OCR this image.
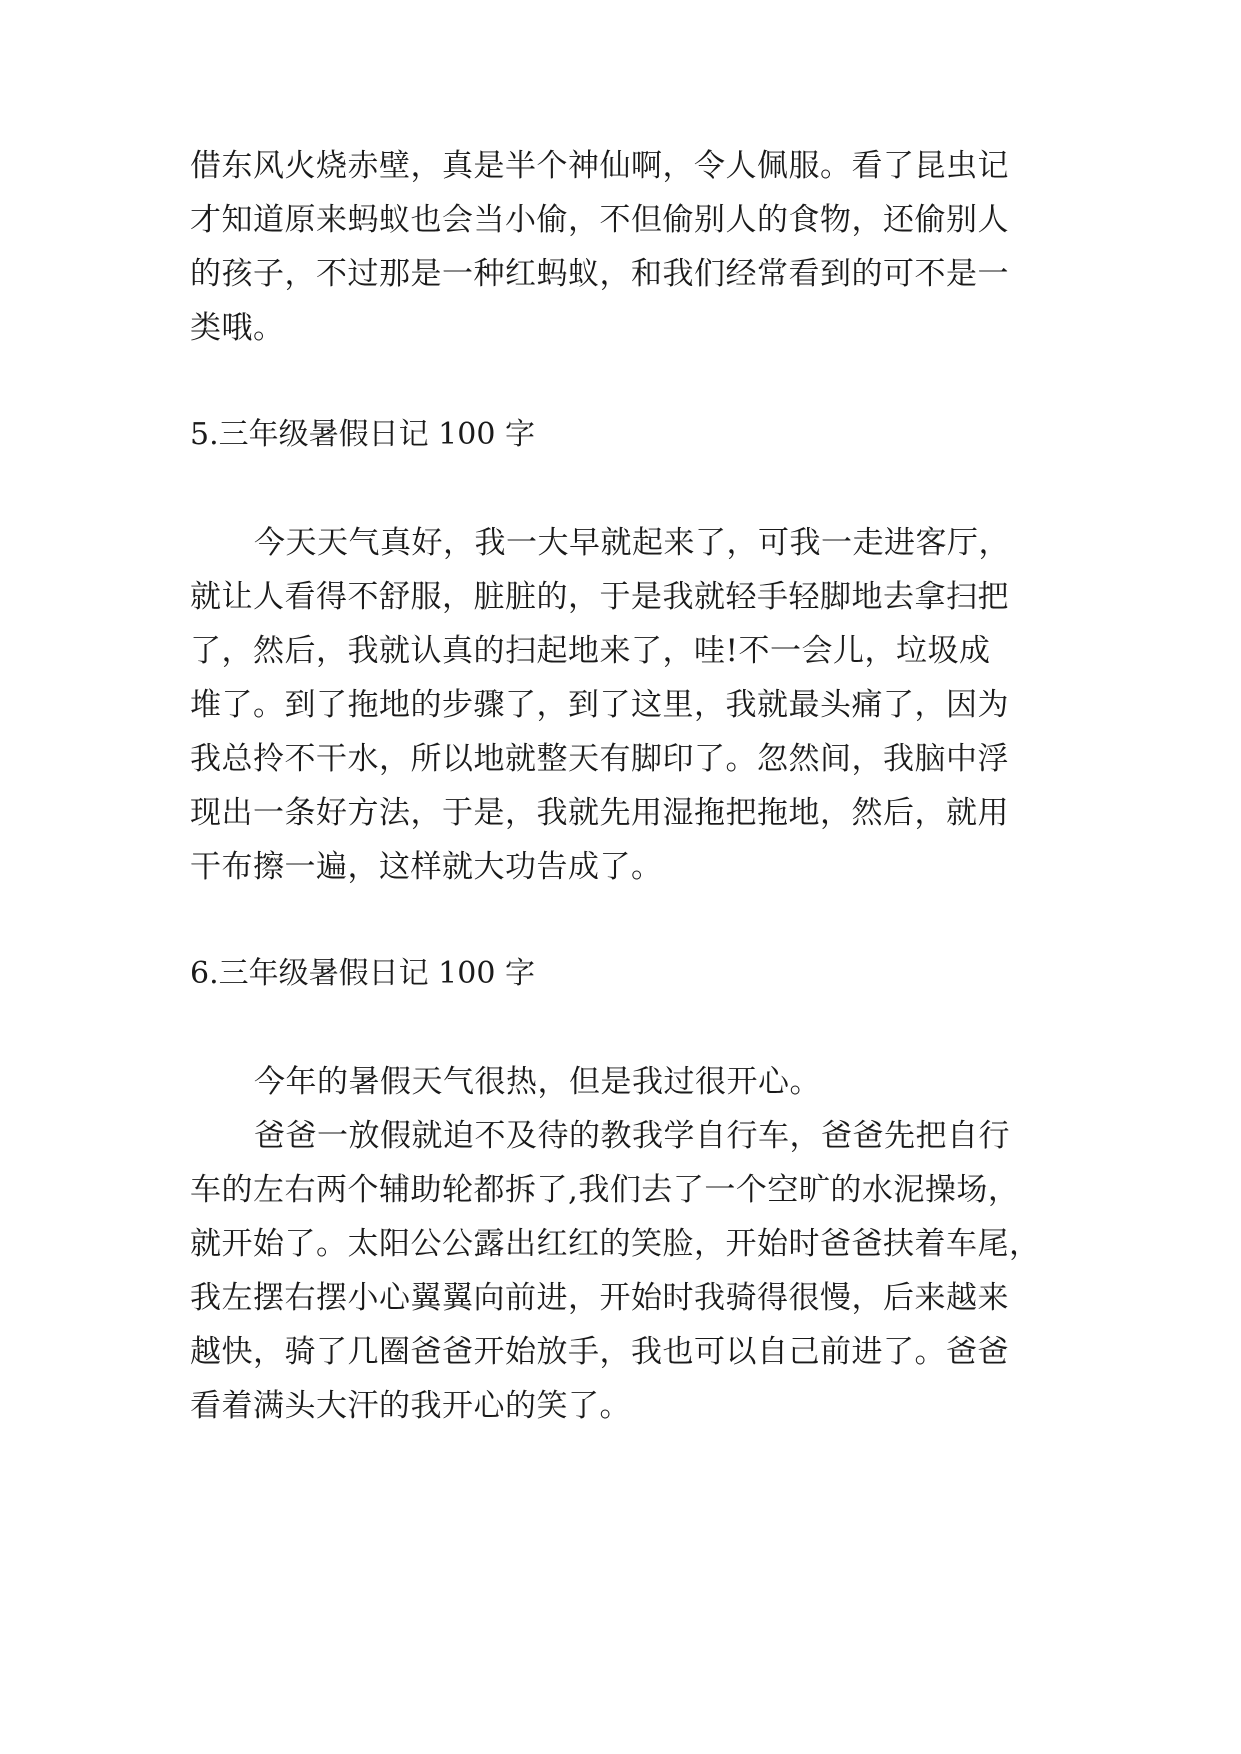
借东风火烧赤壁，真是半个神仙啊，令人佩服。看了昆虫记
才知道原来蚂蚁也会当小偷，不但偷别人的食物，还偷别人
的孩子，不过那是一种红蚂蚁，和我们经常看到的可不是一
类哦。
5.三年级暑假日记 100 字
今天天气真好，我一大早就起来了，可我一走进客厅，
就让人看得不舒服，脏脏的，于是我就轻手轻脚地去拿扫把
了，然后，我就认真的扫起地来了，哇!不一会儿，垃圾成
堆了。到了拖地的步骤了，到了这里，我就最头痛了，因为
我总拎不干水，所以地就整天有脚印了。忽然间，我脑中浮
现出一条好方法，于是，我就先用湿拖把拖地，然后，就用
干布擦一遍，这样就大功告成了。
6.三年级暑假日记 100 字
今年的暑假天气很热，但是我过很开心。
爸爸一放假就迫不及待的教我学自行车，爸爸先把自行
车的左右两个辅助轮都拆了,我们去了一个空旷的水泥操场，
就开始了。太阳公公露出红红的笑脸，开始时爸爸扶着车尾，
我左摆右摆小心翼翼向前进，开始时我骑得很慢，后来越来
越快，骑了几圈爸爸开始放手，我也可以自己前进了。爸爸
看着满头大汗的我开心的笑了。
